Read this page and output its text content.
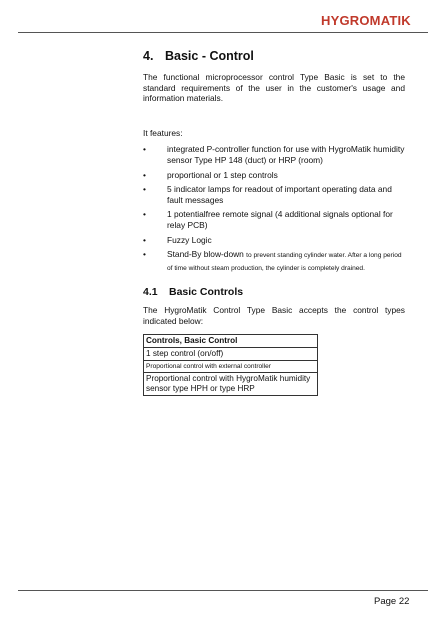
HYGROMATIK
4. Basic - Control

The functional microprocessor control Type Basic is set to the standard requirements of the user in the customer's usage and information materials.

It features:

•	integrated P-controller function for use with HygroMatik humidity sensor Type HP 148 (duct) or HRP (room)
•	proportional or 1 step controls
•	5 indicator lamps for readout of important operating data and fault messages
•	1 potentialfree remote signal (4 additional signals optional for relay PCB)
•	Fuzzy Logic
•	Stand-By blow-down to prevent standing cylinder water. After a long period of time without steam production, the cylinder is completely drained.
4.1 Basic Controls

The HygroMatik Control Type Basic accepts the control types indicated below:

Controls, Basic Control
1 step control (on/off)
Proportional control with external controller
Proportional control with HygroMatik humidity sensor type HPH or type HRP
Page 22
